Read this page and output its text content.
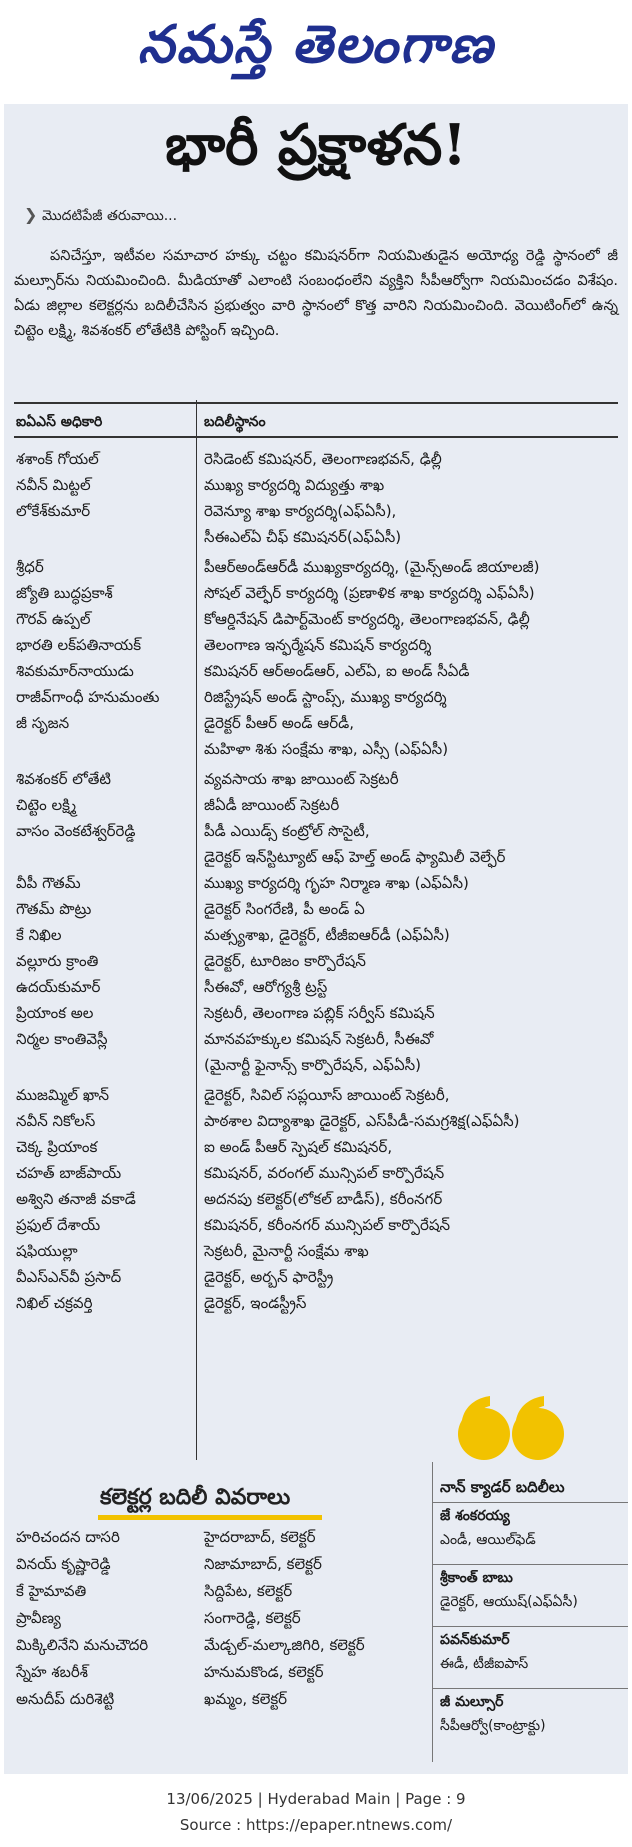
నమస్తే తెలంగాణ
భారీ ప్రక్షాళన!
❯ మొదటిపేజీ తరువాయి...
పనిచేస్తూ, ఇటీవల సమాచార హక్కు చట్టం కమిషనర్‌గా నియమితుడైన అయోధ్య రెడ్డి స్థానంలో జీ మల్సూర్‌ను నియమించింది. మీడియాతో ఎలాంటి సంబంధంలేని వ్యక్తిని సీపీఆర్వోగా నియమించడం విశేషం. ఏడు జిల్లాల కలెక్టర్లను బదిలీచేసిన ప్రభుత్వం వారి స్థానంలో కొత్త వారిని నియమించింది. వెయిటింగ్‌లో ఉన్న చిట్టెం లక్ష్మి, శివశంకర్ లోతేటికి పోస్టింగ్ ఇచ్చింది.
ఐఏఎస్‌ అధికారి	బదిలీస్థానం
శశాంక్ గోయల్	రెసిడెంట్ కమిషనర్, తెలంగాణభవన్, ఢిల్లీ
నవీన్ మిట్టల్	ముఖ్య కార్యదర్శి విద్యుత్తు శాఖ
లోకేశ్‌కుమార్	రెవెన్యూ శాఖ కార్యదర్శి(ఎఫ్‌ఏసీ),
సీఈఎల్‌ఏ చీఫ్ కమిషనర్(ఎఫ్‌ఏసీ)
శ్రీధర్	పీఆర్‌అండ్‌ఆర్‌డీ ముఖ్యకార్యదర్శి, (మైన్స్‌అండ్ జియాలజీ)
జ్యోతి బుద్ధప్రకాశ్	సోషల్ వెల్ఫేర్ కార్యదర్శి (ప్రణాళిక శాఖ కార్యదర్శి ఎఫ్‌ఏసీ)
గౌరవ్ ఉప్పల్	కోఆర్డినేషన్ డిపార్ట్‌మెంట్ కార్యదర్శి, తెలంగాణభవన్, ఢిల్లీ
భారతి లక్‌పతినాయక్	తెలంగాణ ఇన్ఫర్మేషన్ కమిషన్ కార్యదర్శి
శివకుమార్‌నాయుడు	కమిషనర్ ఆర్‌అండ్‌ఆర్, ఎల్‌ఏ, ఐ అండ్ సీఏడీ
రాజీవ్‌గాంధీ హనుమంతు	రిజిస్ట్రేషన్ అండ్ స్టాంప్స్, ముఖ్య కార్యదర్శి
జీ సృజన	డైరెక్టర్ పీఆర్ అండ్ ఆర్‌డీ,
మహిళా శిశు సంక్షేమ శాఖ, ఎస్సీ (ఎఫ్‌ఏసీ)
శివశంకర్ లోతేటి	వ్యవసాయ శాఖ జాయింట్ సెక్రటరీ
చిట్టెం లక్ష్మి	జీఏడీ జాయింట్ సెక్రటరీ
వాసం వెంకటేశ్వర్‌రెడ్డి	పీడీ ఎయిడ్స్ కంట్రోల్ సొసైటీ,
డైరెక్టర్ ఇన్‌స్టిట్యూట్ ఆఫ్ హెల్త్ అండ్ ఫ్యామిలీ వెల్ఫేర్
వీపీ గౌతమ్	ముఖ్య కార్యదర్శి గృహ నిర్మాణ శాఖ (ఎఫ్‌ఏసీ)
గౌతమ్ పొట్రు	డైరెక్టర్ సింగరేణి, పీ అండ్ ఏ
కే నిఖిల	మత్స్యశాఖ, డైరెక్టర్, టీజీఐఆర్‌డీ (ఎఫ్‌ఏసీ)
వల్లూరు క్రాంతి	డైరెక్టర్, టూరిజం కార్పొరేషన్
ఉదయ్‌కుమార్	సీఈవో, ఆరోగ్యశ్రీ ట్రస్ట్
ప్రియాంక అల	సెక్రటరీ, తెలంగాణ పబ్లిక్ సర్వీస్ కమిషన్
నిర్మల కాంతివెస్లీ	మానవహక్కుల కమిషన్ సెక్రటరీ, సీఈవో
(మైనార్టీ ఫైనాన్స్ కార్పొరేషన్, ఎఫ్‌ఏసీ)
ముజమ్మిల్ ఖాన్	డైరెక్టర్, సివిల్ సప్లయీస్ జాయింట్ సెక్రటరీ,
నవీన్ నికోలస్	పాఠశాల విద్యాశాఖ డైరెక్టర్, ఎస్‌పీడీ-సమగ్రశిక్ష(ఎఫ్‌ఏసీ)
చెక్క ప్రియాంక	ఐ అండ్ పీఆర్ స్పెషల్ కమిషనర్,
చహత్ బాజ్‌పాయ్	కమిషనర్, వరంగల్ మున్సిపల్ కార్పొరేషన్
అశ్విని తనాజీ వకాడే	అదనపు కలెక్టర్(లోకల్ బాడీస్), కరీంనగర్
ప్రఫుల్ దేశాయ్	కమిషనర్, కరీంనగర్ మున్సిపల్ కార్పొరేషన్
షఫియుల్లా	సెక్రటరీ, మైనార్టీ సంక్షేమ శాఖ
వీఎస్‌ఎన్‌వీ ప్రసాద్	డైరెక్టర్, అర్బన్ ఫారెస్ట్రీ
నిఖిల్ చక్రవర్తి	డైరెక్టర్, ఇండస్ట్రీస్
కలెక్టర్ల బదిలీ వివరాలు
హరిచందన దాసరి	హైదరాబాద్, కలెక్టర్
వినయ్ కృష్ణారెడ్డి	నిజామాబాద్, కలెక్టర్
కే హైమావతి	సిద్దిపేట, కలెక్టర్
ప్రావీణ్య	సంగారెడ్డి, కలెక్టర్
మిక్కిలినేని మనుచౌదరి	మేడ్చల్-మల్కాజిగిరి, కలెక్టర్
స్నేహ శబరీశ్	హనుమకొండ, కలెక్టర్
అనుదీప్ దురిశెట్టి	ఖమ్మం, కలెక్టర్
నాన్ క్యాడర్ బదిలీలు
జే శంకరయ్య
ఎండీ, ఆయిల్‌ఫెడ్
శ్రీకాంత్ బాబు
డైరెక్టర్, ఆయుష్(ఎఫ్‌ఏసీ)
పవన్‌కుమార్
ఈడీ, టీజీఐపాస్
జీ మల్సూర్
సీపీఆర్వో(కాంట్రాక్టు)
13/06/2025 | Hyderabad Main | Page : 9
Source : https://epaper.ntnews.com/
